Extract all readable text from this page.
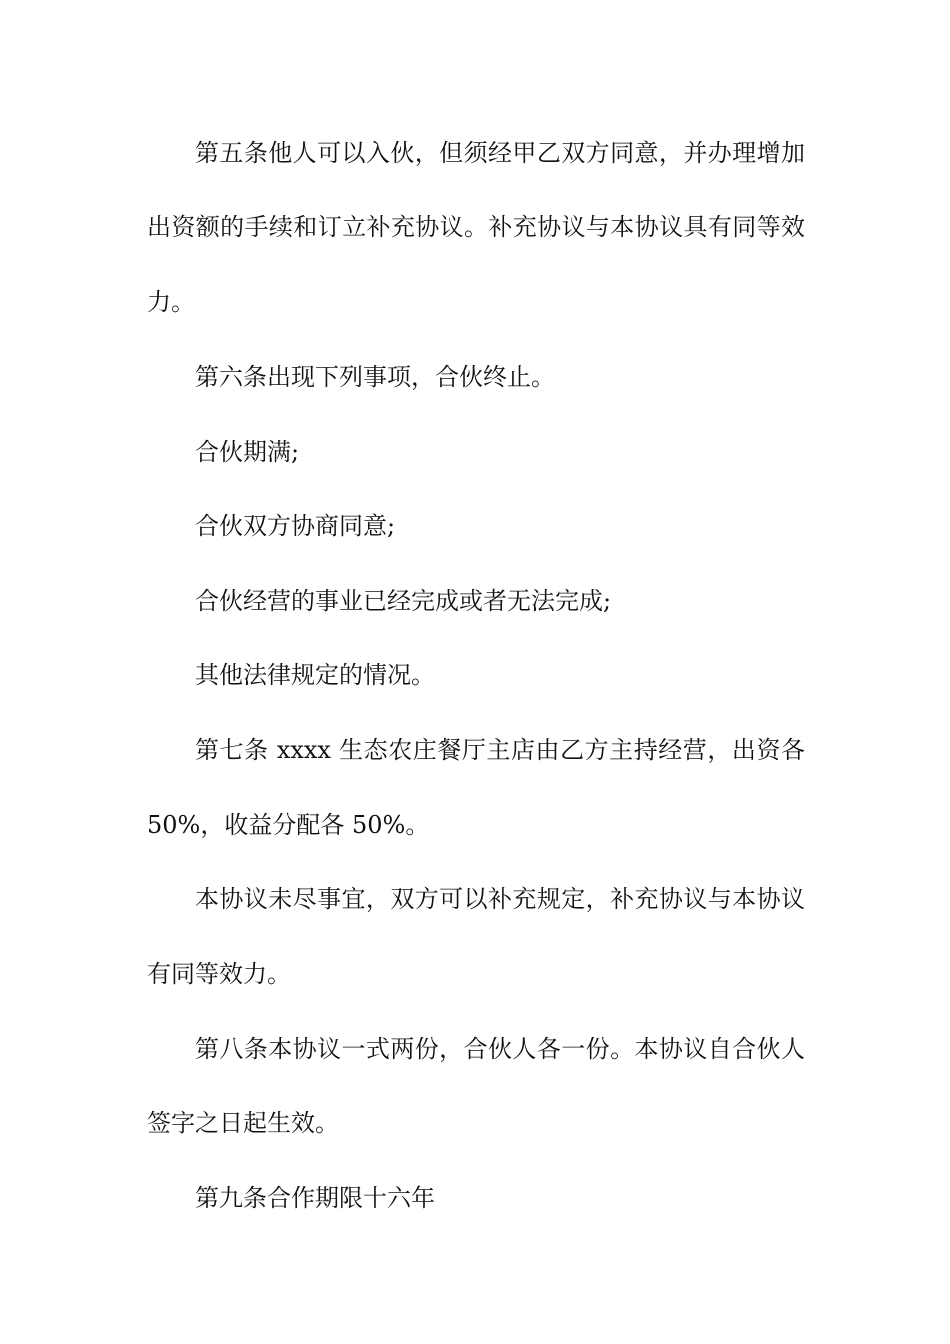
第五条他人可以入伙，但须经甲乙双方同意，并办理增加
出资额的手续和订立补充协议。补充协议与本协议具有同等效
力。
第六条出现下列事项，合伙终止。
合伙期满;
合伙双方协商同意;
合伙经营的事业已经完成或者无法完成;
其他法律规定的情况。
第七条 xxxx 生态农庄餐厅主店由乙方主持经营，出资各
50%，收益分配各 50%。
本协议未尽事宜，双方可以补充规定，补充协议与本协议
有同等效力。
第八条本协议一式两份，合伙人各一份。本协议自合伙人
签字之日起生效。
第九条合作期限十六年
